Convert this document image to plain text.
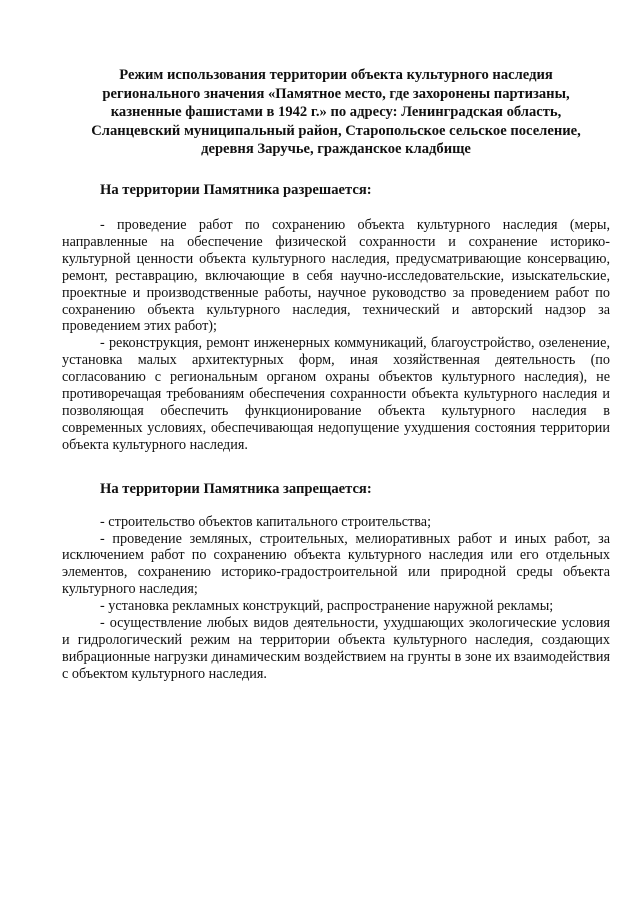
Режим использования территории объекта культурного наследия
регионального значения «Памятное место, где захоронены партизаны,
казненные фашистами в 1942 г.» по адресу: Ленинградская область,
Сланцевский муниципальный район, Старопольское сельское поселение,
деревня Заручье, гражданское кладбище
На территории Памятника разрешается:

- проведение работ по сохранению объекта культурного наследия (меры, направленные на обеспечение физической сохранности и сохранение историко-культурной ценности объекта культурного наследия, предусматривающие консервацию, ремонт, реставрацию, включающие в себя научно-исследовательские, изыскательские, проектные и производственные работы, научное руководство за проведением работ по сохранению объекта культурного наследия, технический и авторский надзор за проведением этих работ);

- реконструкция, ремонт инженерных коммуникаций, благоустройство, озеленение, установка малых архитектурных форм, иная хозяйственная деятельность (по согласованию с региональным органом охраны объектов культурного наследия), не противоречащая требованиям обеспечения сохранности объекта культурного наследия и позволяющая обеспечить функционирование объекта культурного наследия в современных условиях, обеспечивающая недопущение ухудшения состояния территории объекта культурного наследия.

На территории Памятника запрещается:

- строительство объектов капитального строительства;

- проведение земляных, строительных, мелиоративных работ и иных работ, за исключением работ по сохранению объекта культурного наследия или его отдельных элементов, сохранению историко-градостроительной или природной среды объекта культурного наследия;

- установка рекламных конструкций, распространение наружной рекламы;

- осуществление любых видов деятельности, ухудшающих экологические условия и гидрологический режим на территории объекта культурного наследия, создающих вибрационные нагрузки динамическим воздействием на грунты в зоне их взаимодействия с объектом культурного наследия.
